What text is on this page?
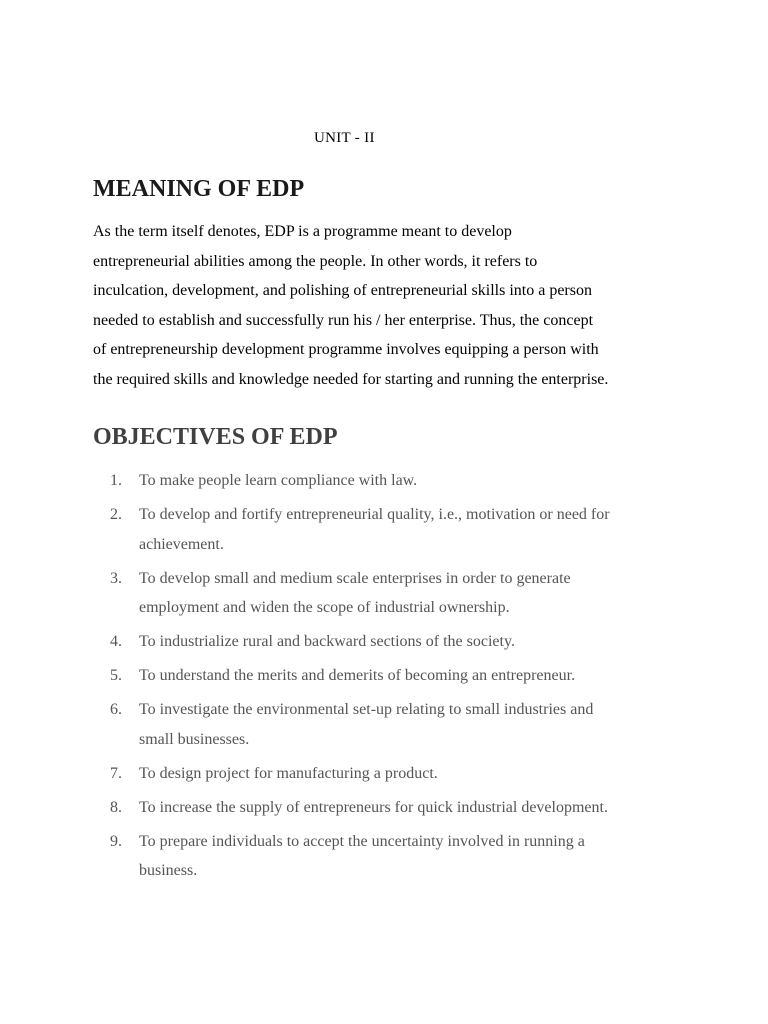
UNIT - II

MEANING OF EDP
As the term itself denotes, EDP is a programme meant to develop
entrepreneurial abilities among the people. In other words, it refers to
inculcation, development, and polishing of entrepreneurial skills into a person
needed to establish and successfully run his / her enterprise. Thus, the concept
of entrepreneurship development programme involves equipping a person with
the required skills and knowledge needed for starting and running the enterprise.
OBJECTIVES OF EDP
1.	To make people learn compliance with law.
2.	To develop and fortify entrepreneurial quality, i.e., motivation or need for
achievement.
3.	To develop small and medium scale enterprises in order to generate
employment and widen the scope of industrial ownership.
4.	To industrialize rural and backward sections of the society.
5.	To understand the merits and demerits of becoming an entrepreneur.
6.	To investigate the environmental set-up relating to small industries and
small businesses.
7.	To design project for manufacturing a product.
8.	To increase the supply of entrepreneurs for quick industrial development.
9.	To prepare individuals to accept the uncertainty involved in running a
business.
